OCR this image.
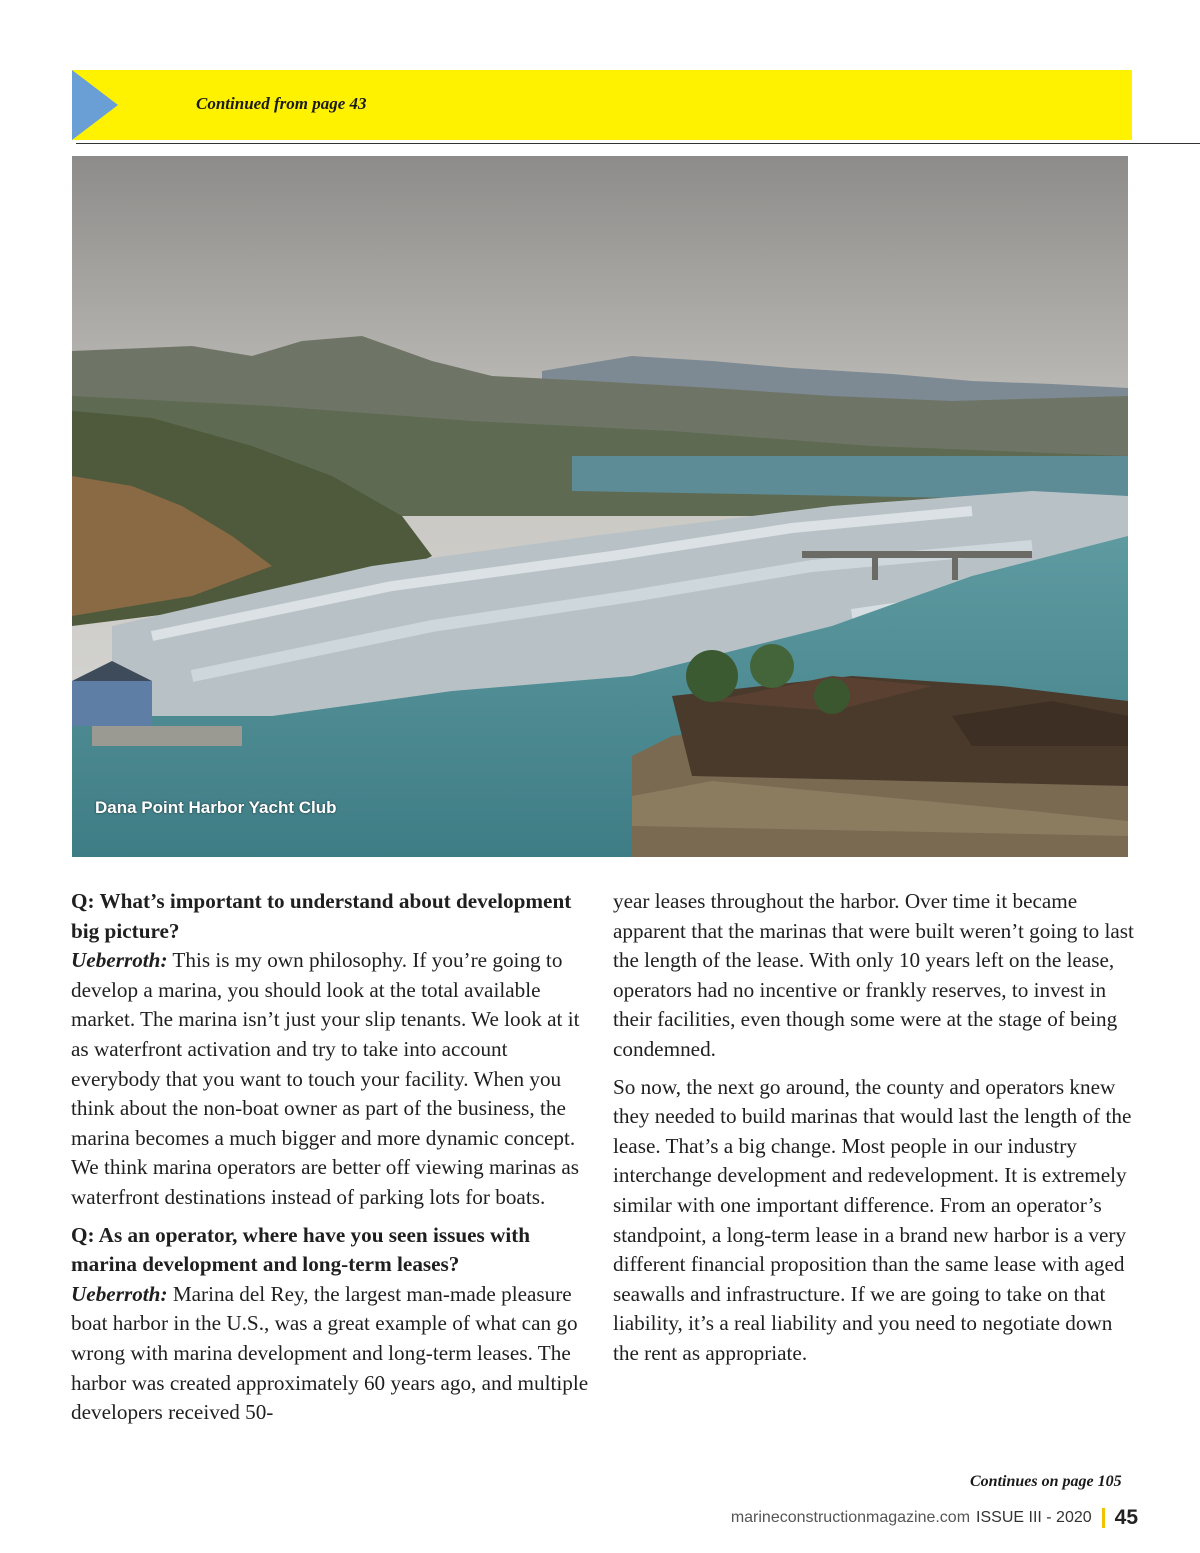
Continued from page 43
Dana Point Harbor Yacht Club

Q: What’s important to understand about development big picture?

Ueberroth: This is my own philosophy. If you’re going to develop a marina, you should look at the total available market. The marina isn’t just your slip tenants. We look at it as waterfront activation and try to take into account everybody that you want to touch your facility. When you think about the non-boat owner as part of the business, the marina becomes a much bigger and more dynamic concept. We think marina operators are better off viewing marinas as waterfront destinations instead of parking lots for boats.

Q: As an operator, where have you seen issues with marina development and long-term leases?

Ueberroth: Marina del Rey, the largest man-made pleasure boat harbor in the U.S., was a great example of what can go wrong with marina development and long-term leases. The harbor was created approximately 60 years ago, and multiple developers received 50-

year leases throughout the harbor. Over time it became apparent that the marinas that were built weren’t going to last the length of the lease. With only 10 years left on the lease, operators had no incentive or frankly reserves, to invest in their facilities, even though some were at the stage of being condemned.

So now, the next go around, the county and operators knew they needed to build marinas that would last the length of the lease. That’s a big change. Most people in our industry interchange development and redevelopment. It is extremely similar with one important difference. From an operator’s standpoint, a long-term lease in a brand new harbor is a very different financial proposition than the same lease with aged seawalls and infrastructure. If we are going to take on that liability, it’s a real liability and you need to negotiate down the rent as appropriate.

Continues on page 105
marineconstructionmagazine.com ISSUE III - 2020 45
